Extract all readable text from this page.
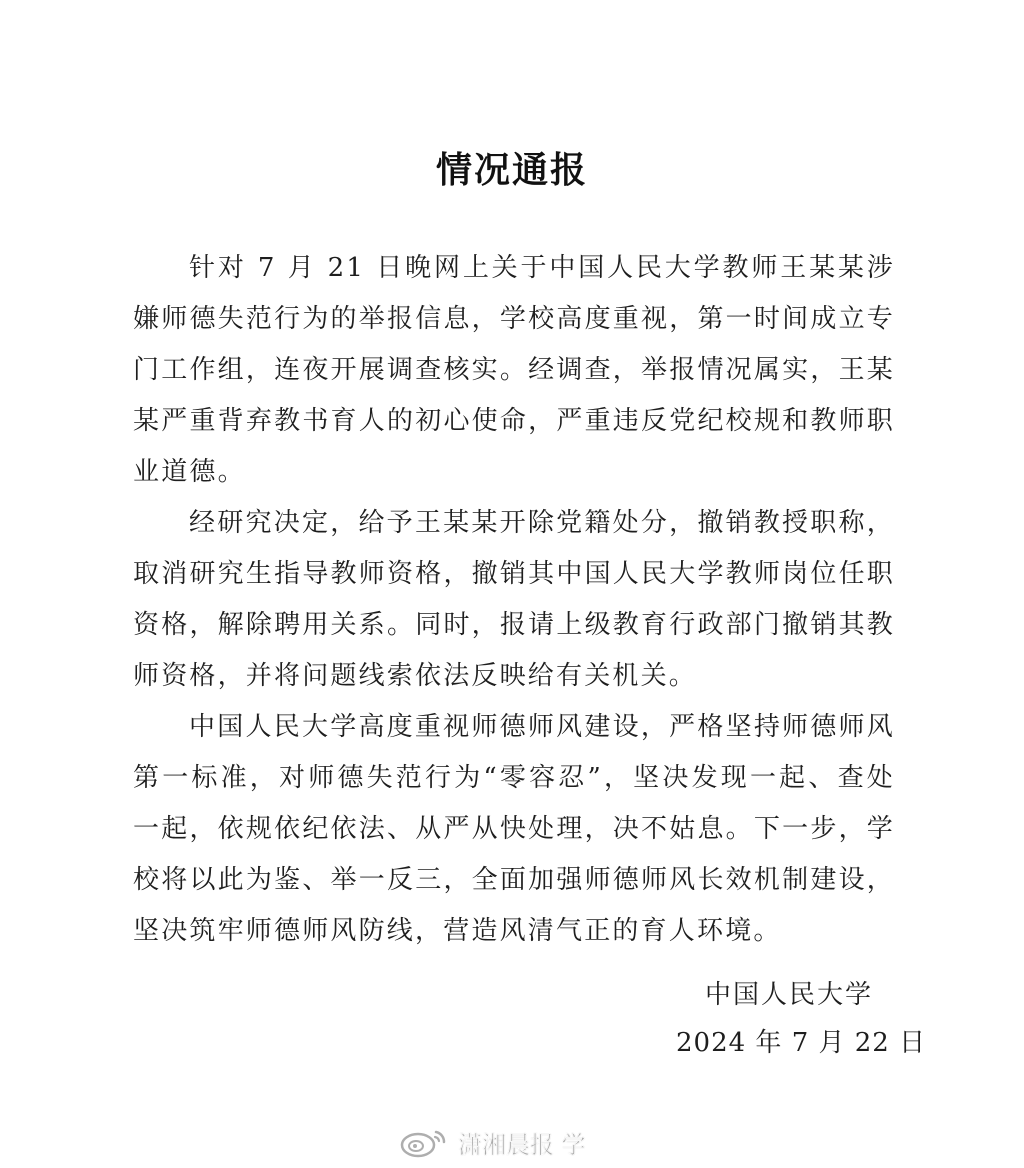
情况通报

针对 7 月 21 日晚网上关于中国人民大学教师王某某涉嫌师德失范行为的举报信息，学校高度重视，第一时间成立专门工作组，连夜开展调查核实。经调查，举报情况属实，王某某严重背弃教书育人的初心使命，严重违反党纪校规和教师职业道德。

经研究决定，给予王某某开除党籍处分，撤销教授职称，取消研究生指导教师资格，撤销其中国人民大学教师岗位任职资格，解除聘用关系。同时，报请上级教育行政部门撤销其教师资格，并将问题线索依法反映给有关机关。

中国人民大学高度重视师德师风建设，严格坚持师德师风第一标准，对师德失范行为“零容忍”，坚决发现一起、查处一起，依规依纪依法、从严从快处理，决不姑息。下一步，学校将以此为鉴、举一反三，全面加强师德师风长效机制建设，坚决筑牢师德师风防线，营造风清气正的育人环境。

中国人民大学
2024 年 7 月 22 日
潇湘晨报 学
